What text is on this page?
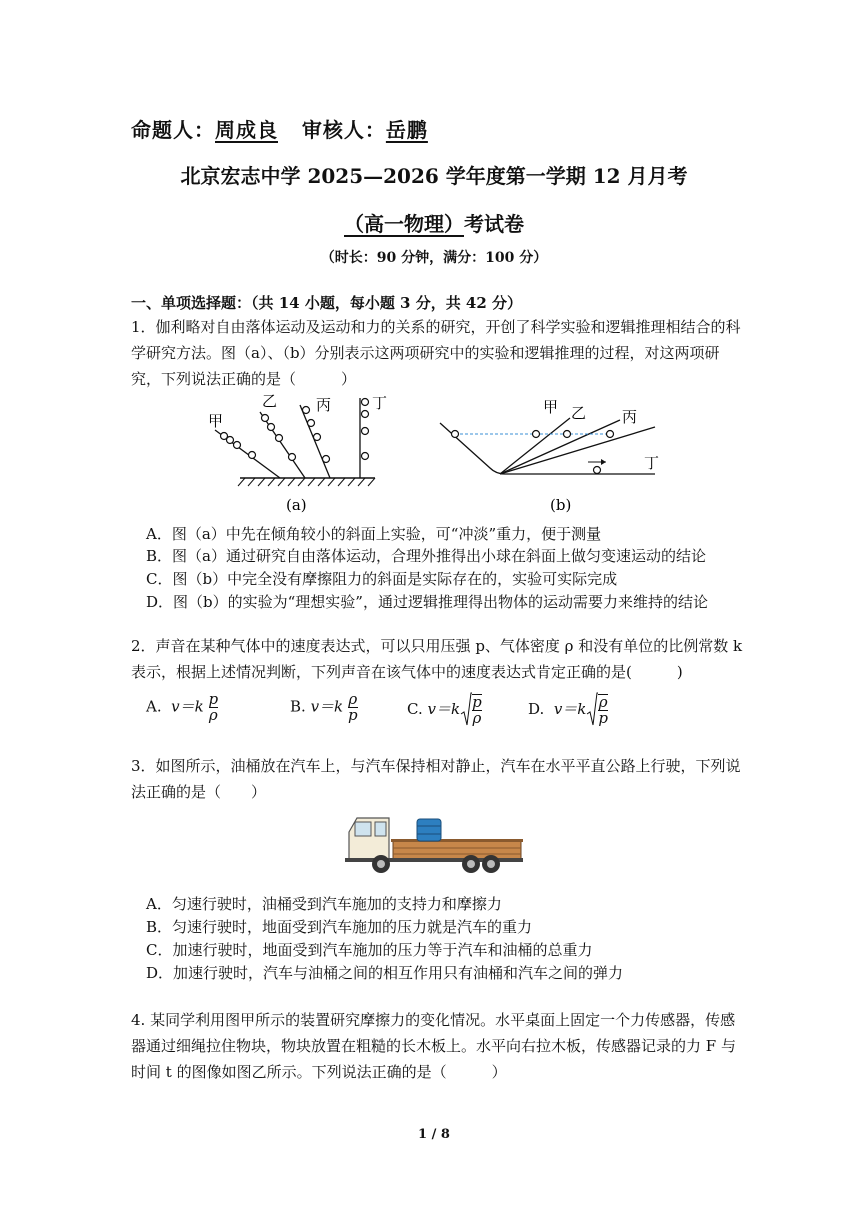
命题人：周成良 审核人：岳鹏
北京宏志中学 2025—2026 学年度第一学期 12 月月考
（高一物理）考试卷
（时长：90 分钟，满分：100 分）
一、单项选择题：（共 14 小题，每小题 3 分，共 42 分）
1．伽利略对自由落体运动及运动和力的关系的研究，开创了科学实验和逻辑推理相结合的科学研究方法。图（a）、（b）分别表示这两项研究中的实验和逻辑推理的过程，对这两项研究，下列说法正确的是（　　　）
甲
乙	丙	丁
(a)
甲 乙 丙
丁
(b)
A．图（a）中先在倾角较小的斜面上实验，可“冲淡”重力，便于测量
B．图（a）通过研究自由落体运动，合理外推得出小球在斜面上做匀变速运动的结论
C．图（b）中完全没有摩擦阻力的斜面是实际存在的，实验可实际完成
D．图（b）的实验为“理想实验”，通过逻辑推理得出物体的运动需要力来维持的结论
2．声音在某种气体中的速度表达式，可以只用压强 p、气体密度 ρ 和没有单位的比例常数 k 表示，根据上述情况判断，下列声音在该气体中的速度表达式肯定正确的是(　　　)
A. $v=k \frac{p}{\rho}$	B. $v=k \frac{\rho}{p}$	C. $v=k \frac{p}{\rho}$	D. $v=k \frac{\rho}{p}$
3．如图所示，油桶放在汽车上，与汽车保持相对静止，汽车在水平平直公路上行驶，下列说法正确的是（　　）
A．匀速行驶时，油桶受到汽车施加的支持力和摩擦力
B．匀速行驶时，地面受到汽车施加的压力就是汽车的重力
C．加速行驶时，地面受到汽车施加的压力等于汽车和油桶的总重力
D．加速行驶时，汽车与油桶之间的相互作用只有油桶和汽车之间的弹力
4. 某同学利用图甲所示的装置研究摩擦力的变化情况。水平桌面上固定一个力传感器，传感器通过细绳拉住物块，物块放置在粗糙的长木板上。水平向右拉木板，传感器记录的力 F 与时间 t 的图像如图乙所示。下列说法正确的是（　　　）
1 / 8
